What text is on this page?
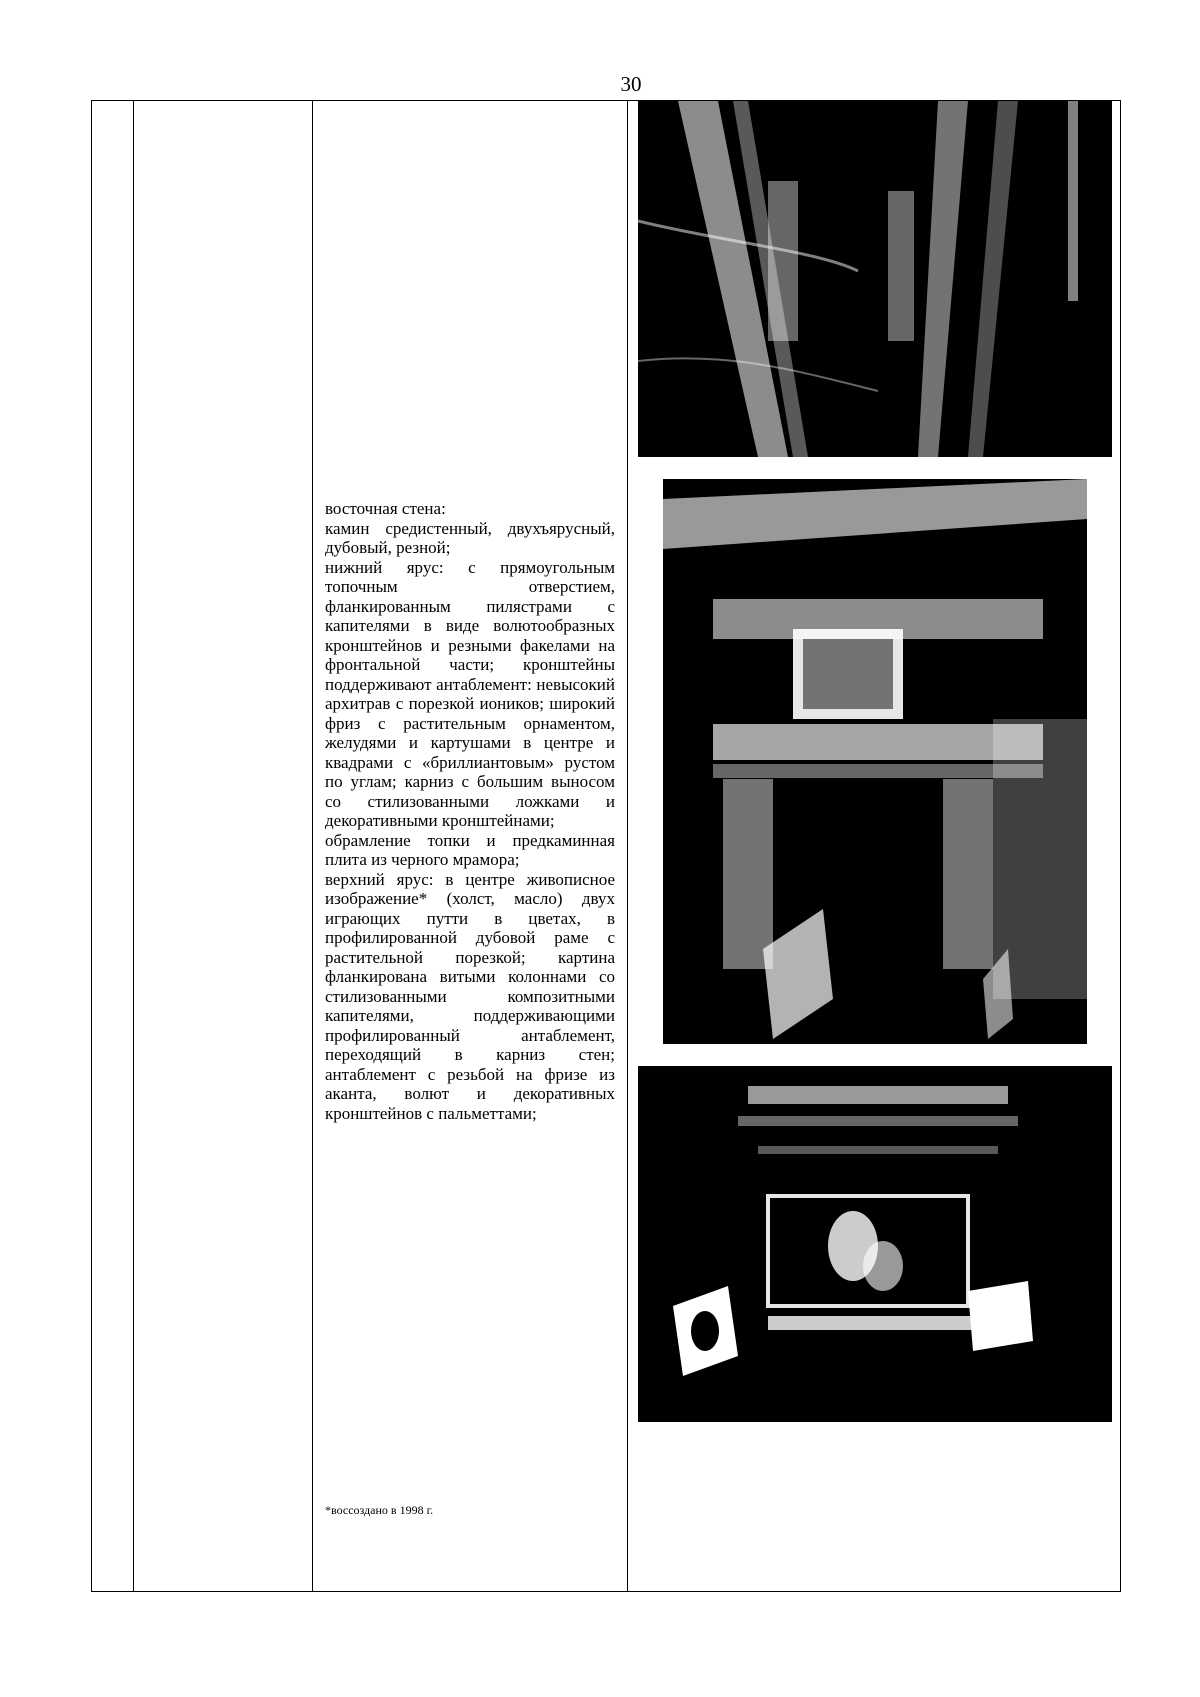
30

восточная стена:

камин средистенный, двухъярусный, дубовый, резной;

нижний ярус: с прямоугольным топочным отверстием, фланкированным пилястрами с капителями в виде волютообразных кронштейнов и резными факелами на фронтальной части; кронштейны поддерживают антаблемент: невысокий архитрав с порезкой иоников; широкий фриз с растительным орнаментом, желудями и картушами в центре и квадрами с «бриллиантовым» рустом по углам; карниз с большим выносом со стилизованными ложками и декоративными кронштейнами;

обрамление топки и предкаминная плита из черного мрамора;

верхний ярус: в центре живописное изображение* (холст, масло) двух играющих путти в цветах, в профилированной дубовой раме с растительной порезкой; картина фланкирована витыми колоннами со стилизованными композитными капителями, поддерживающими профилированный антаблемент, переходящий в карниз стен; антаблемент с резьбой на фризе из аканта, волют и декоративных кронштейнов с пальметтами;

*воссоздано в 1998 г.
